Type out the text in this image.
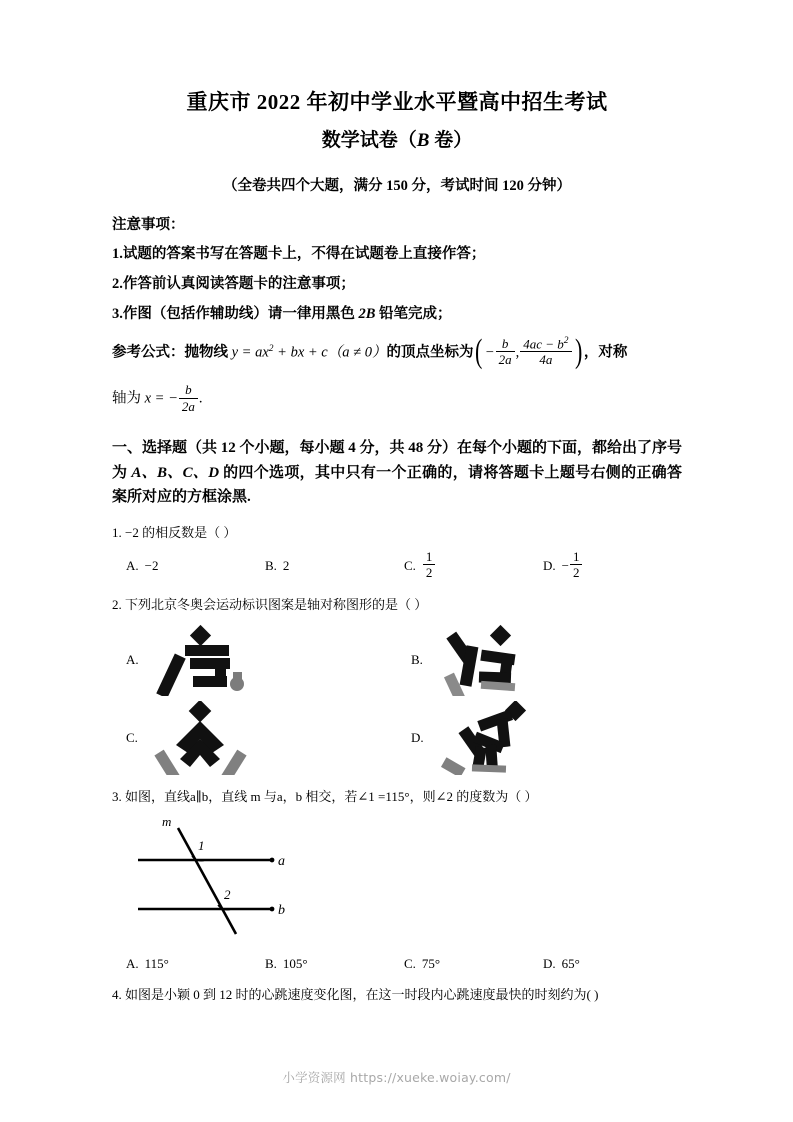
重庆市 2022 年初中学业水平暨高中招生考试
数学试卷（B 卷）
（全卷共四个大题，满分 150 分，考试时间 120 分钟）
注意事项：
1.试题的答案书写在答题卡上，不得在试题卷上直接作答；
2.作答前认真阅读答题卡的注意事项；
3.作图（包括作辅助线）请一律用黑色 2B 铅笔完成；
参考公式：抛物线 $y = ax^2$ + bx + c（a ≠ 0）的顶点坐标为( − $\frac{b}{2a}$ , $\frac{4ac - b^2}{4a}$ ) ，对称
轴为 x = − $\frac{b}{2a}$ .
一、选择题（共 12 个小题，每小题 4 分，共 48 分）在每个小题的下面，都给出了序号为 A、B、C、D 的四个选项，其中只有一个正确的，请将答题卡上题号右侧的正确答案所对应的方框涂黑.
1. −2 的相反数是（ ）
A. −2	B. 2	C. $\frac{1}{2}$	D. − $\frac{1}{2}$
2. 下列北京冬奥会运动标识图案是轴对称图形的是（ ）
A.	B.
C.	D.
3. 如图，直线a∥b，直线 m 与a，b 相交，若∠1 =115°，则∠2 的度数为（ ）
m
a
b
1
2
A. 115°	B. 105°	C. 75°	D. 65°
4. 如图是小颖 0 到 12 时的心跳速度变化图，在这一时段内心跳速度最快的时刻约为( )
小学资源网 https://xueke.woiay.com/
